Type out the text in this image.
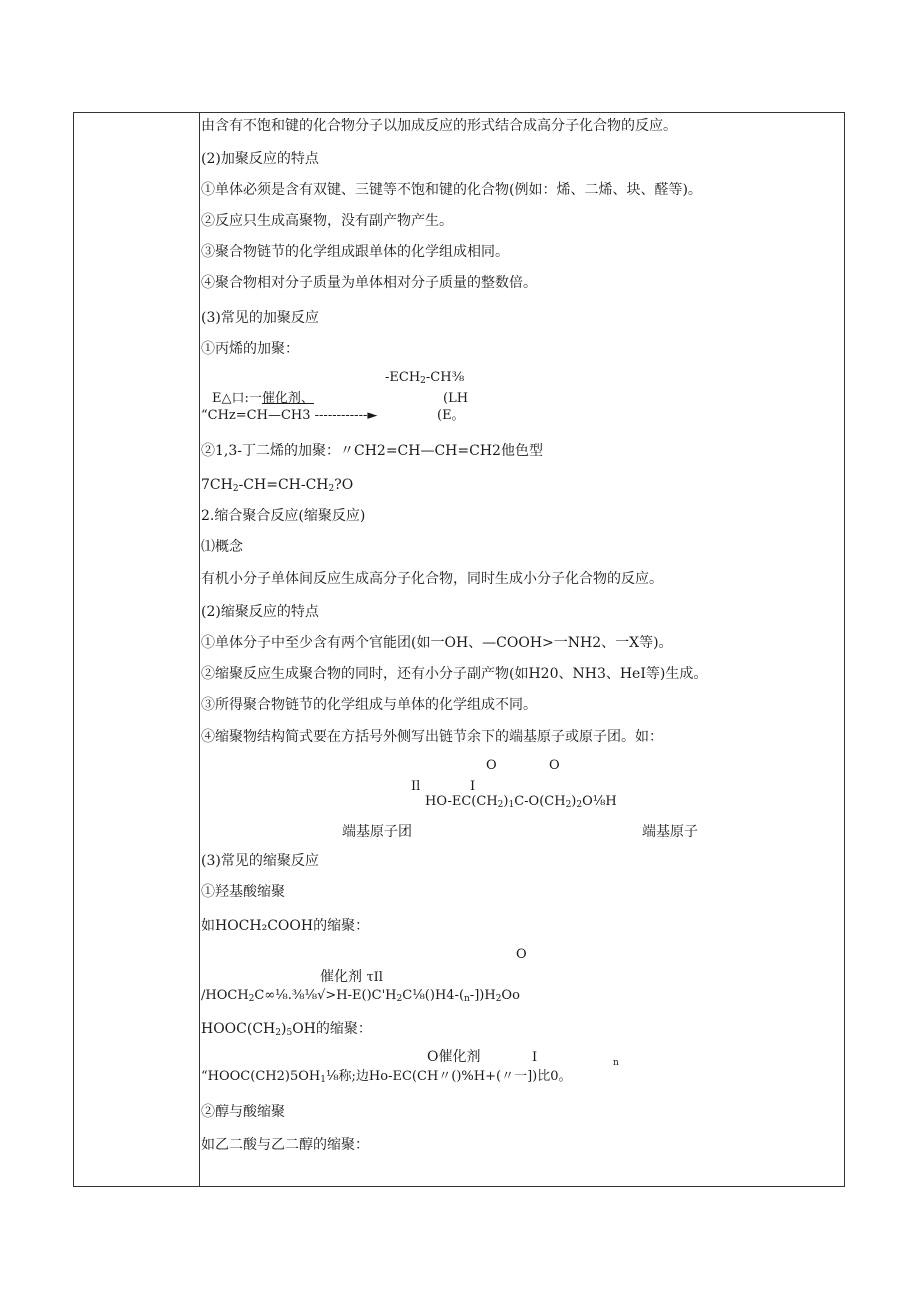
由含有不饱和键的化合物分子以加成反应的形式结合成高分子化合物的反应。
(2)加聚反应的特点
①单体必须是含有双键、三键等不饱和键的化合物(例如：烯、二烯、块、醛等)。
②反应只生成高聚物，没有副产物产生。
③聚合物链节的化学组成跟单体的化学组成相同。
④聚合物相对分子质量为单体相对分子质量的整数倍。
(3)常见的加聚反应
①丙烯的加聚：
$-ECH_2$-CH⅜
E△口:一催化剂、	(LH
“CHz=CH—CH3 ------------►	(E。
②1,3-丁二烯的加聚：〃CH2=CH—CH=CH2他色型
$7CH_2-CH=CH-CH_2?O$
2.缩合聚合反应(缩聚反应)
⑴概念
有机小分子单体间反应生成高分子化合物，同时生成小分子化合物的反应。
(2)缩聚反应的特点
①单体分子中至少含有两个官能团(如一OH、—COOH>一NH2、一X等)。
②缩聚反应生成聚合物的同时，还有小分子副产物(如H20、NH3、HeI等)生成。
③所得聚合物链节的化学组成与单体的化学组成不同。
④缩聚物结构简式要在方括号外侧写出链节余下的端基原子或原子团。如：
O	O
Il	I
$HO-EC(CH_2)_1C-O(CH_2)_2O\frac{1}{8}H$
端基原子团	端基原子
(3)常见的缩聚反应
①羟基酸缩聚
如HOCH₂COOH的缩聚：
O
催化剂 τIl
$/HOCH_2C\infty\frac{1}{8}.\frac{3}{8}\frac{1}{8}√>H-E()C'H_2C\frac{1}{8}()H4-(_n-])H_2Oo$
$HOOC(CH_2)_5OH$的缩聚：
O催化剂	I	n
“$HOOC(CH2)5OH_1\frac{1}{8}$称;边Ho-EC(CH〃()%H+(〃一])比0。
②醇与酸缩聚
如乙二酸与乙二醇的缩聚：
